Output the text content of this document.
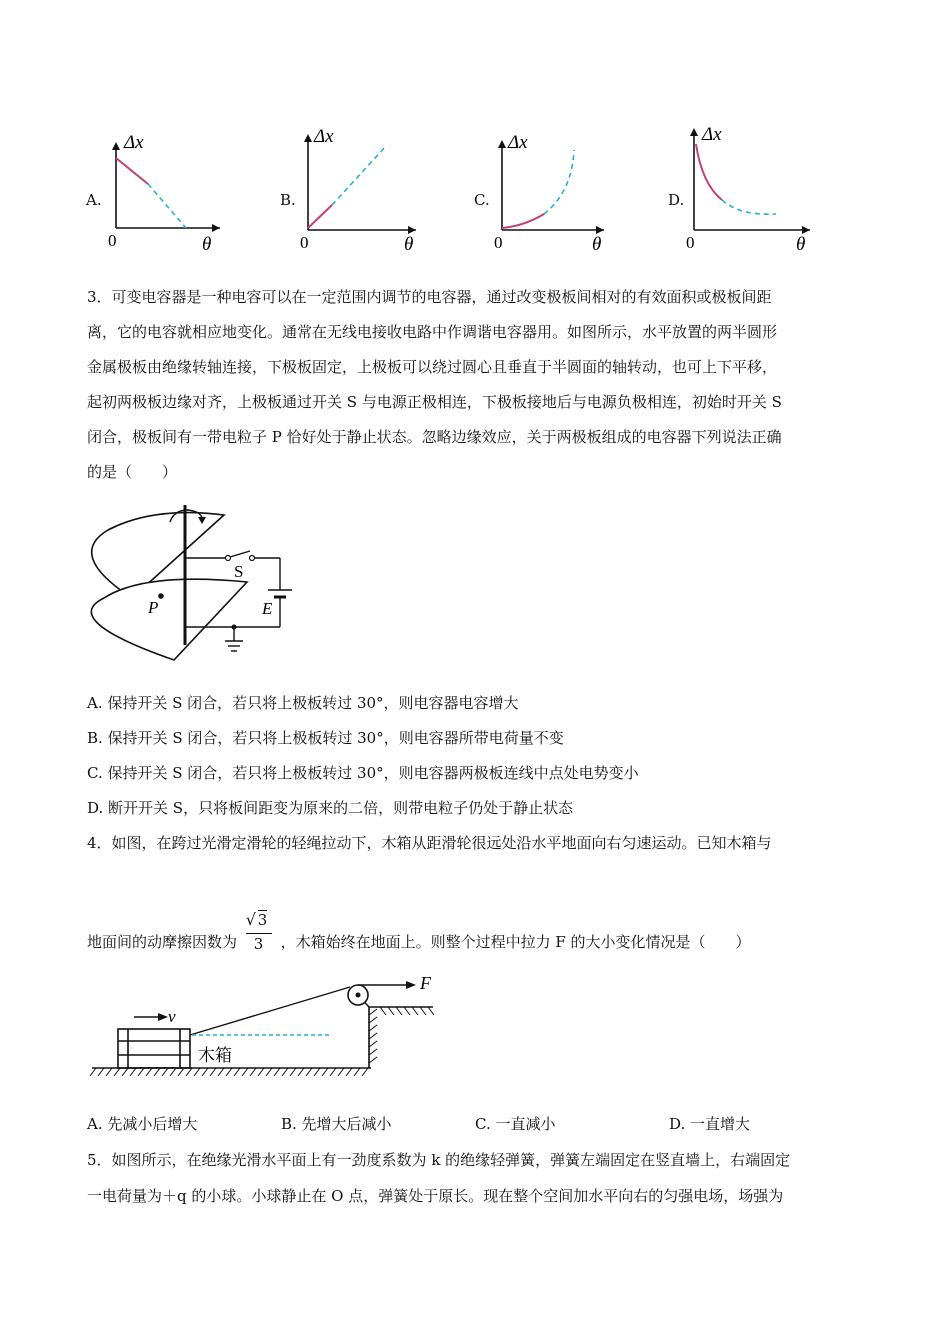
A.
Δx
0	θ
B.
Δx
0	θ
C.
Δx
0	θ
D.
Δx
0	θ
3．可变电容器是一种电容可以在一定范围内调节的电容器，通过改变极板间相对的有效面积或极板间距
离，它的电容就相应地变化。通常在无线电接收电路中作调谐电容器用。如图所示，水平放置的两半圆形
金属极板由绝缘转轴连接，下极板固定，上极板可以绕过圆心且垂直于半圆面的轴转动，也可上下平移，
起初两极板边缘对齐，上极板通过开关 S 与电源正极相连，下极板接地后与电源负极相连，初始时开关 S
闭合，极板间有一带电粒子 P 恰好处于静止状态。忽略边缘效应，关于两极板组成的电容器下列说法正确
的是（　　）
P
S
E
A. 保持开关 S 闭合，若只将上极板转过 30°，则电容器电容增大
B. 保持开关 S 闭合，若只将上极板转过 30°，则电容器所带电荷量不变
C. 保持开关 S 闭合，若只将上极板转过 30°，则电容器两极板连线中点处电势变小
D. 断开开关 S，只将板间距变为原来的二倍，则带电粒子仍处于静止状态
4．如图，在跨过光滑定滑轮的轻绳拉动下，木箱从距滑轮很远处沿水平地面向右匀速运动。已知木箱与
地面间的动摩擦因数为
√ 3
3 ，木箱始终在地面上。则整个过程中拉力 F 的大小变化情况是（　　）
F
v
木箱
A. 先减小后增大	B. 先增大后减小	C. 一直减小	D. 一直增大
5．如图所示，在绝缘光滑水平面上有一劲度系数为 k 的绝缘轻弹簧，弹簧左端固定在竖直墙上，右端固定
一电荷量为＋q 的小球。小球静止在 O 点，弹簧处于原长。现在整个空间加水平向右的匀强电场，场强为
